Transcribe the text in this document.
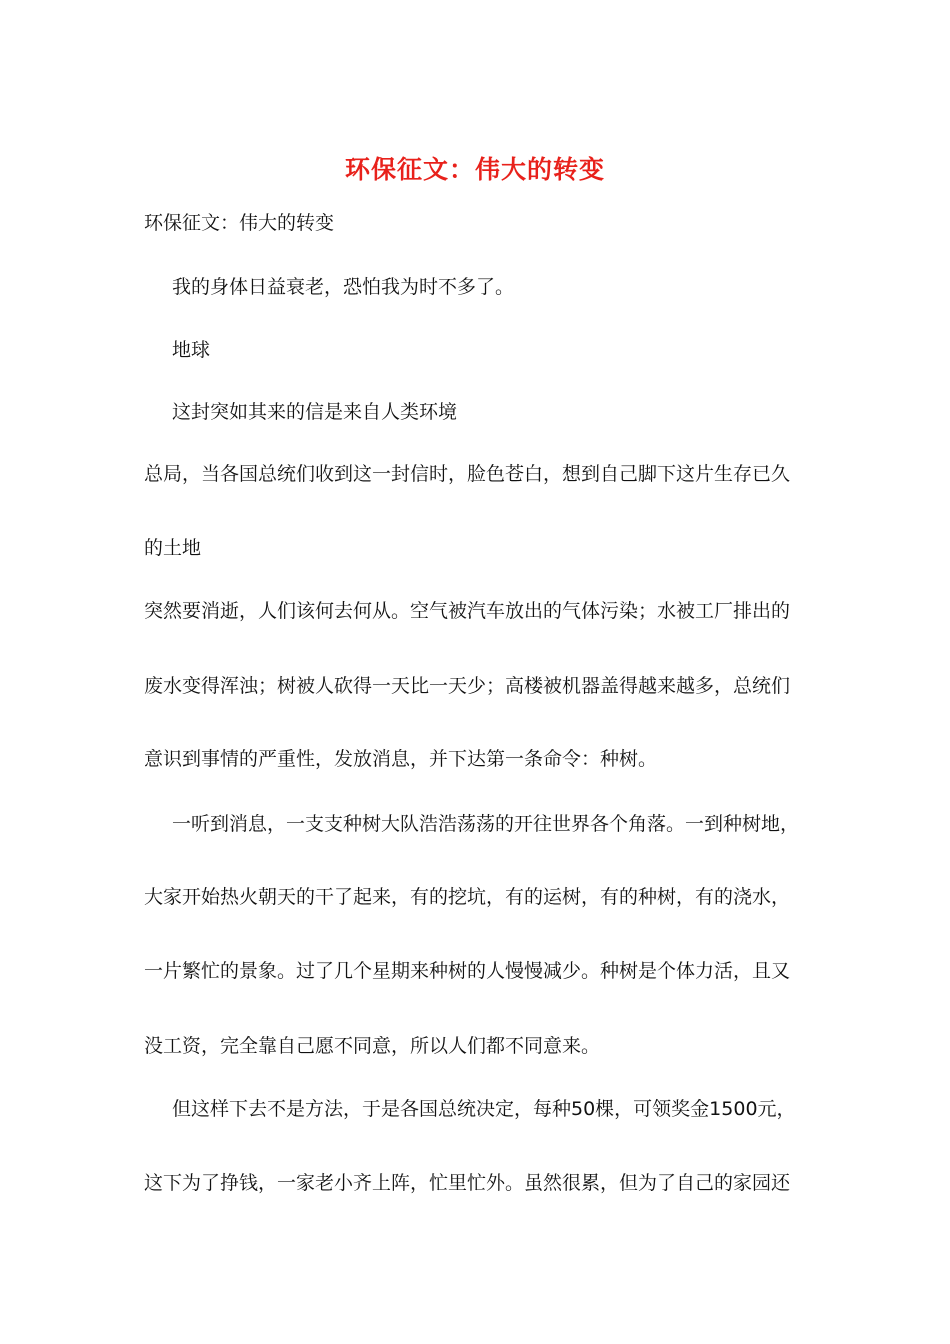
环保征文：伟大的转变

环保征文：伟大的转变

我的身体日益衰老，恐怕我为时不多了。

地球

这封突如其来的信是来自人类环境

总局，当各国总统们收到这一封信时，脸色苍白，想到自己脚下这片生存已久

的土地

突然要消逝，人们该何去何从。空气被汽车放出的气体污染；水被工厂排出的

废水变得浑浊；树被人砍得一天比一天少；高楼被机器盖得越来越多，总统们

意识到事情的严重性，发放消息，并下达第一条命令：种树。

一听到消息，一支支种树大队浩浩荡荡的开往世界各个角落。一到种树地，

大家开始热火朝天的干了起来，有的挖坑，有的运树，有的种树，有的浇水，

一片繁忙的景象。过了几个星期来种树的人慢慢减少。种树是个体力活，且又

没工资，完全靠自己愿不同意，所以人们都不同意来。

但这样下去不是方法，于是各国总统决定，每种50棵，可领奖金1500元，

这下为了挣钱，一家老小齐上阵，忙里忙外。虽然很累，但为了自己的家园还
